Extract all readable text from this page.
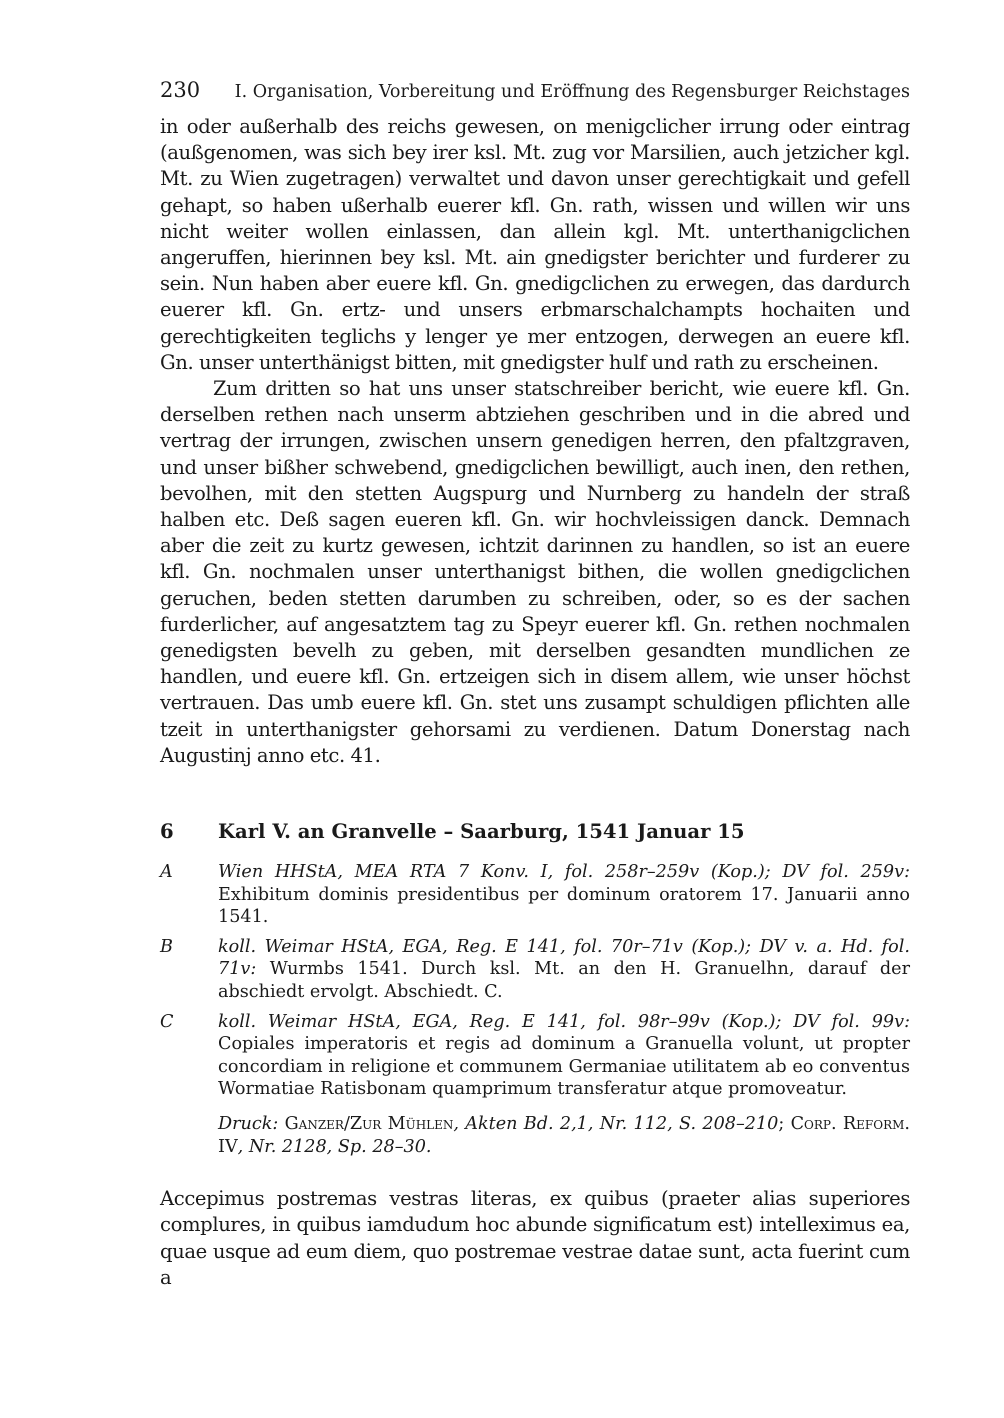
230	I. Organisation, Vorbereitung und Eröffnung des Regensburger Reichstages

in oder außerhalb des reichs gewesen, on menigclicher irrung oder eintrag (außgenomen, was sich bey irer ksl. Mt. zug vor Marsilien, auch jetzicher kgl. Mt. zu Wien zugetragen) verwaltet und davon unser gerechtigkait und gefell gehapt, so haben ußerhalb euerer kfl. Gn. rath, wissen und willen wir uns nicht weiter wollen einlassen, dan allein kgl. Mt. unterthanigclichen angeruffen, hierinnen bey ksl. Mt. ain gnedigster berichter und furderer zu sein. Nun haben aber euere kfl. Gn. gnedigclichen zu erwegen, das dardurch euerer kfl. Gn. ertz- und unsers erbmarschalchampts hochaiten und gerechtigkeiten teglichs y lenger ye mer entzogen, derwegen an euere kfl. Gn. unser unterthänigst bitten, mit gnedigster hulf und rath zu erscheinen.

Zum dritten so hat uns unser statschreiber bericht, wie euere kfl. Gn. derselben rethen nach unserm abtziehen geschriben und in die abred und vertrag der irrungen, zwischen unsern genedigen herren, den pfaltzgraven, und unser bißher schwebend, gnedigclichen bewilligt, auch inen, den rethen, bevolhen, mit den stetten Augspurg und Nurnberg zu handeln der straß halben etc. Deß sagen eueren kfl. Gn. wir hochvleissigen danck. Demnach aber die zeit zu kurtz gewesen, ichtzit darinnen zu handlen, so ist an euere kfl. Gn. nochmalen unser unterthanigst bithen, die wollen gnedigclichen geruchen, beden stetten darumben zu schreiben, oder, so es der sachen furderlicher, auf angesatztem tag zu Speyr euerer kfl. Gn. rethen nochmalen genedigsten bevelh zu geben, mit derselben gesandten mundlichen ze handlen, und euere kfl. Gn. ertzeigen sich in disem allem, wie unser höchst vertrauen. Das umb euere kfl. Gn. stet uns zusampt schuldigen pflichten alle tzeit in unterthanigster gehorsami zu verdienen. Datum Donerstag nach Augustinj anno etc. 41.

6	Karl V. an Granvelle – Saarburg, 1541 Januar 15
A	Wien HHStA, MEA RTA 7 Konv. I, fol. 258r–259v (Kop.); DV fol. 259v: Exhibitum dominis presidentibus per dominum oratorem 17. Januarii anno 1541.
B	koll. Weimar HStA, EGA, Reg. E 141, fol. 70r–71v (Kop.); DV v. a. Hd. fol. 71v: Wurmbs 1541. Durch ksl. Mt. an den H. Granuelhn, darauf der abschiedt ervolgt. Abschiedt. C.
C	koll. Weimar HStA, EGA, Reg. E 141, fol. 98r–99v (Kop.); DV fol. 99v: Copiales imperatoris et regis ad dominum a Granuella volunt, ut propter concordiam in religione et communem Germaniae utilitatem ab eo conventus Wormatiae Ratisbonam quamprimum transferatur atque promoveatur.
Druck: Ganzer/Zur Mühlen, Akten Bd. 2,1, Nr. 112, S. 208–210; Corp. Reform. IV, Nr. 2128, Sp. 28–30.

Accepimus postremas vestras literas, ex quibus (praeter alias superiores complures, in quibus iamdudum hoc abunde significatum est) intelleximus ea, quae usque ad eum diem, quo postremae vestrae datae sunt, acta fuerint cum a
